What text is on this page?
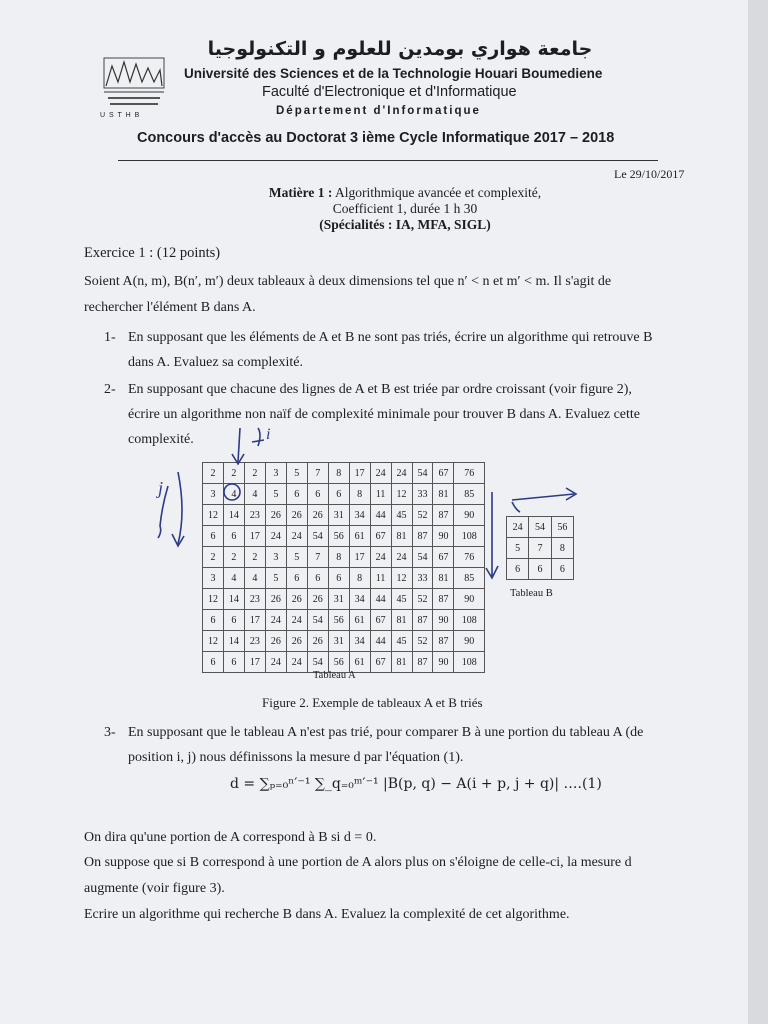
U S T H B
جامعة هواري بومدين للعلوم و التكنولوجيا
Université des Sciences et de la Technologie Houari Boumediene
Faculté d'Electronique et d'Informatique
Département d'Informatique
Concours d'accès au Doctorat 3 ième Cycle Informatique 2017 – 2018
Le 29/10/2017
Matière 1 : Algorithmique avancée et complexité,
Coefficient 1, durée 1 h 30
(Spécialités : IA, MFA, SIGL)
Exercice 1 : (12 points)
Soient A(n, m), B(n′, m′) deux tableaux à deux dimensions tel que n′ < n et m′ < m. Il s'agit de
rechercher l'élément B dans A.
1- En supposant que les éléments de A et B ne sont pas triés, écrire un algorithme qui retrouve B
dans A. Evaluez sa complexité.
2- En supposant que chacune des lignes de A et B est triée par ordre croissant (voir figure 2),
écrire un algorithme non naïf de complexité minimale pour trouver B dans A. Evaluez cette
complexité.
2	2	2	3	5	7	8	17	24	24	54	67	76
3	4	4	5	6	6	6	8	11	12	33	81	85
12	14	23	26	26	26	31	34	44	45	52	87	90
6	6	17	24	24	54	56	61	67	81	87	90	108
2	2	2	3	5	7	8	17	24	24	54	67	76
3	4	4	5	6	6	6	8	11	12	33	81	85
12	14	23	26	26	26	31	34	44	45	52	87	90
6	6	17	24	24	54	56	61	67	81	87	90	108
12	14	23	26	26	26	31	34	44	45	52	87	90
6	6	17	24	24	54	56	61	67	81	87	90	108
Tableau A
24	54	56
5	7	8
6	6	6
Tableau B
j
i
Figure 2. Exemple de tableaux A et B triés
3- En supposant que le tableau A n'est pas trié, pour comparer B à une portion du tableau A (de
position i, j) nous définissons la mesure d par l'équation (1).
d = ∑ₚ₌₀ⁿ′⁻¹ ∑_q₌₀ᵐ′⁻¹ |B(p, q) − A(i + p, j + q)| ….(1)
On dira qu'une portion de A correspond à B si d = 0.
On suppose que si B correspond à une portion de A alors plus on s'éloigne de celle-ci, la mesure d
augmente (voir figure 3).
Ecrire un algorithme qui recherche B dans A. Evaluez la complexité de cet algorithme.
